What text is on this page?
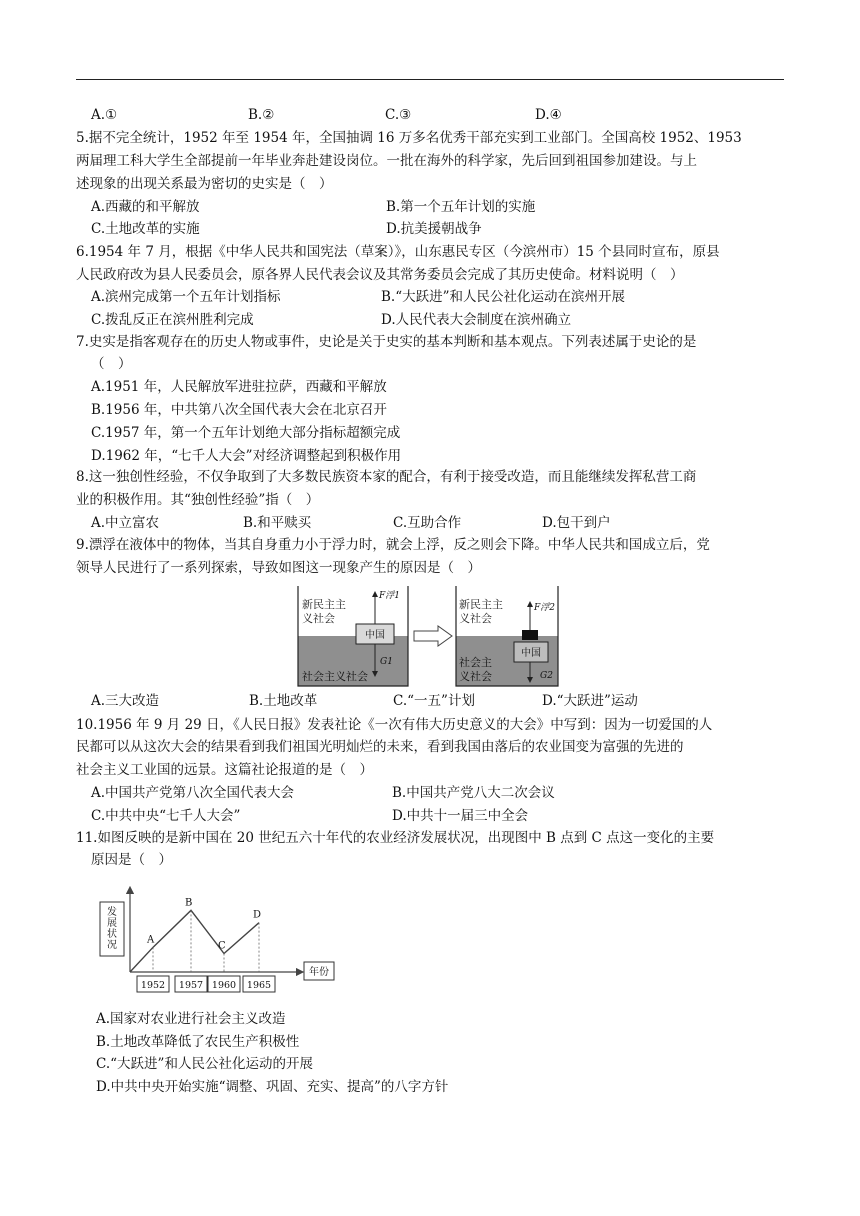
A.①	B.②	C.③	D.④
5.据不完全统计，1952 年至 1954 年，全国抽调 16 万多名优秀干部充实到工业部门。全国高校 1952、1953
两届理工科大学生全部提前一年毕业奔赴建设岗位。一批在海外的科学家，先后回到祖国参加建设。与上
述现象的出现关系最为密切的史实是（　）
A.西藏的和平解放	B.第一个五年计划的实施
C.土地改革的实施	D.抗美援朝战争
6.1954 年 7 月，根据《中华人民共和国宪法（草案）》，山东惠民专区（今滨州市）15 个县同时宣布，原县
人民政府改为县人民委员会，原各界人民代表会议及其常务委员会完成了其历史使命。材料说明（　）
A.滨州完成第一个五年计划指标	B.“大跃进”和人民公社化运动在滨州开展
C.拨乱反正在滨州胜利完成	D.人民代表大会制度在滨州确立
7.史实是指客观存在的历史人物或事件，史论是关于史实的基本判断和基本观点。下列表述属于史论的是
（　）
A.1951 年，人民解放军进驻拉萨，西藏和平解放
B.1956 年，中共第八次全国代表大会在北京召开
C.1957 年，第一个五年计划绝大部分指标超额完成
D.1962 年，“七千人大会”对经济调整起到积极作用
8.这一独创性经验，不仅争取到了大多数民族资本家的配合，有利于接受改造，而且能继续发挥私营工商
业的积极作用。其“独创性经验”指（　）
A.中立富农	B.和平赎买	C.互助合作	D.包干到户
9.漂浮在液体中的物体，当其自身重力小于浮力时，就会上浮，反之则会下降。中华人民共和国成立后，党
领导人民进行了一系列探索，导致如图这一现象产生的原因是（　）
新民主主
义社会
社会主义社会
中国
F浮1
G1
新民主主
义社会
社会主
义社会
中国
F浮2
G2
A.三大改造	B.土地改革	C.“一五”计划	D.“大跃进”运动
10.1956 年 9 月 29 日，《人民日报》发表社论《一次有伟大历史意义的大会》中写到：因为一切爱国的人
民都可以从这次大会的结果看到我们祖国光明灿烂的未来，看到我国由落后的农业国变为富强的先进的
社会主义工业国的远景。这篇社论报道的是（　）
A.中国共产党第八次全国代表大会	B.中国共产党八大二次会议
C.中共中央“七千人大会”	D.中共十一届三中全会
11.如图反映的是新中国在 20 世纪五六十年代的农业经济发展状况，出现图中 B 点到 C 点这一变化的主要
原因是（　）
发展状况
年份
A
B
C
D
1952 1957 1960 1965
A.国家对农业进行社会主义改造
B.土地改革降低了农民生产积极性
C.“大跃进”和人民公社化运动的开展
D.中共中央开始实施“调整、巩固、充实、提高”的八字方针
